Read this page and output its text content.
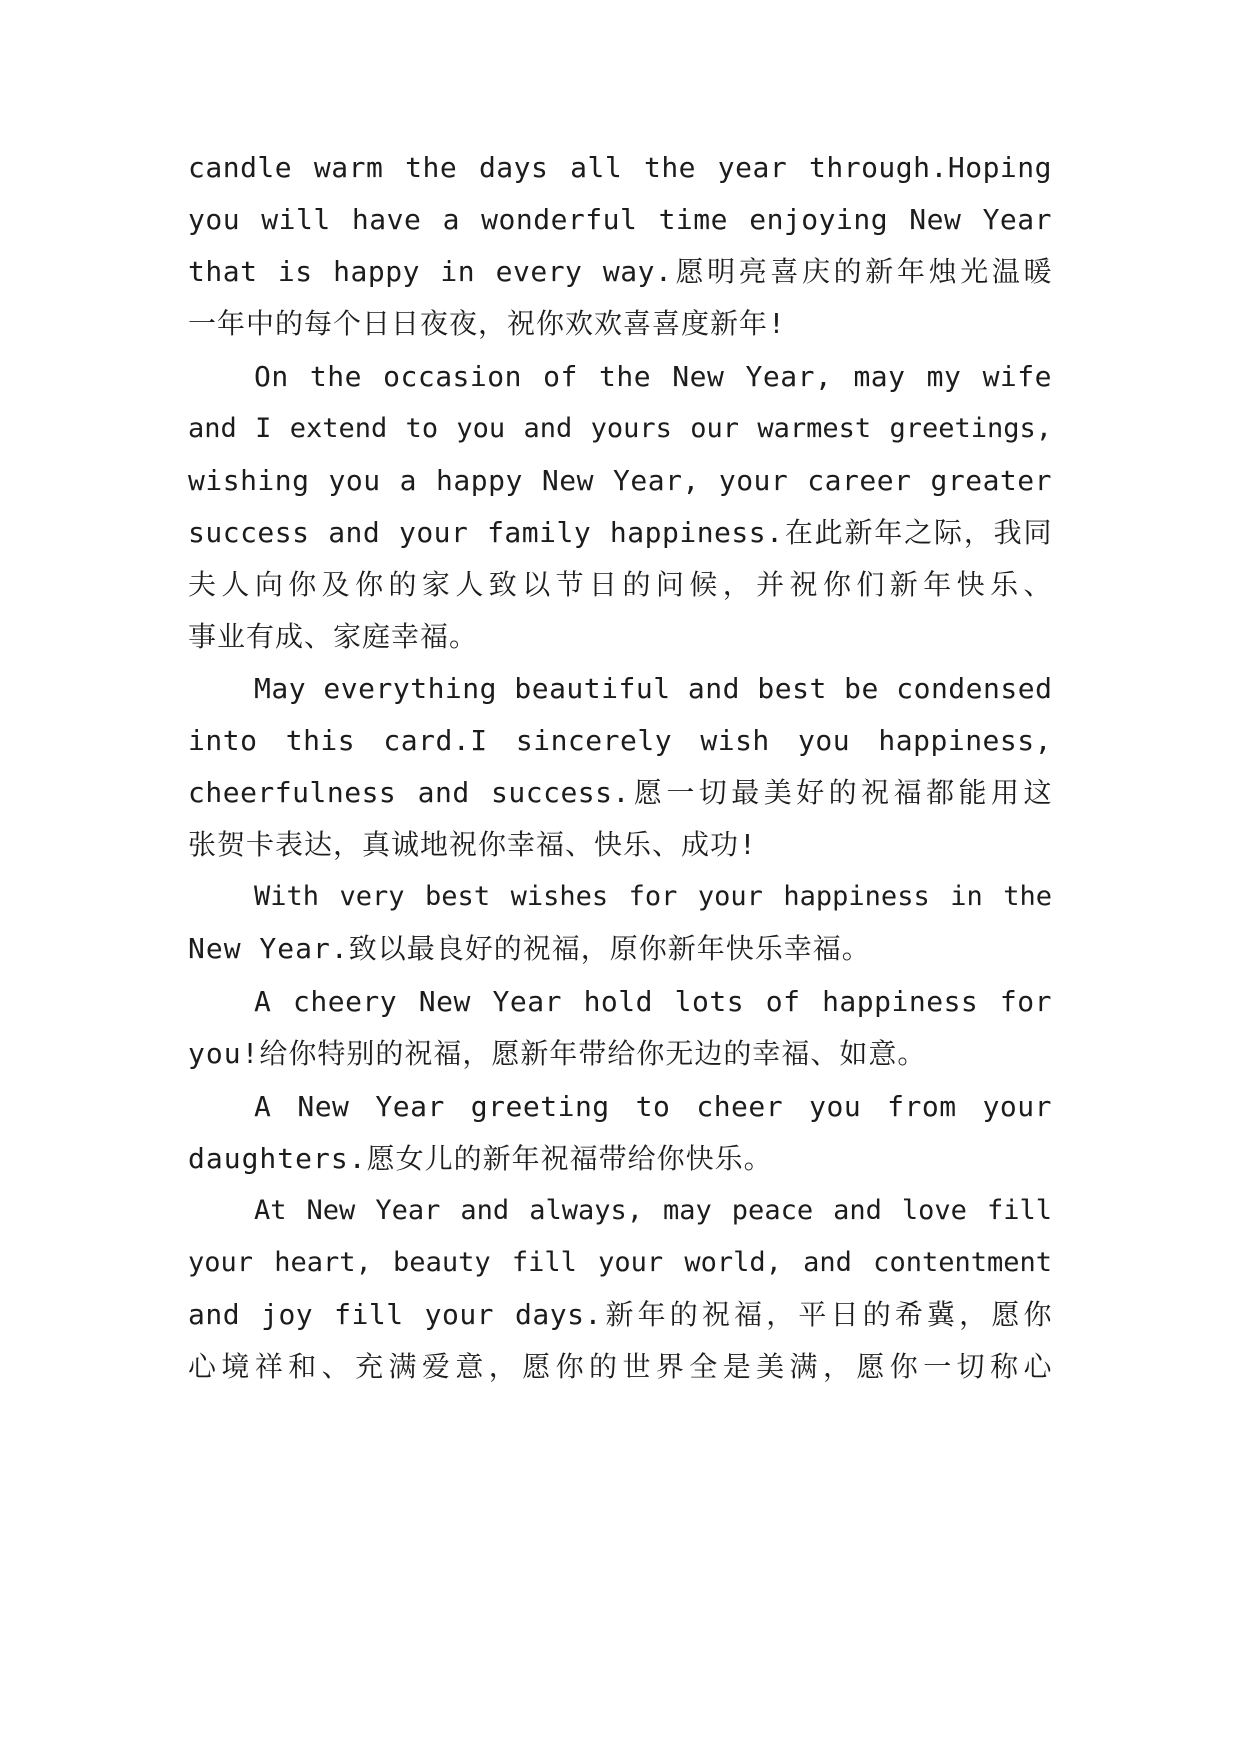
candle warm the days all the year through.Hoping
you will have a wonderful time enjoying New Year
that is happy in every way.愿明亮喜庆的新年烛光温暖
一年中的每个日日夜夜，祝你欢欢喜喜度新年!
On the occasion of the New Year, may my wife
and I extend to you and yours our warmest greetings,
wishing you a happy New Year, your career greater
success and your family happiness.在此新年之际，我同
夫人向你及你的家人致以节日的问候，并祝你们新年快乐、
事业有成、家庭幸福。
May everything beautiful and best be condensed
into this card.I sincerely wish you happiness,
cheerfulness and success.愿一切最美好的祝福都能用这
张贺卡表达，真诚地祝你幸福、快乐、成功!
With very best wishes for your happiness in the
New Year.致以最良好的祝福，原你新年快乐幸福。
A cheery New Year hold lots of happiness for
you!给你特别的祝福，愿新年带给你无边的幸福、如意。
A New Year greeting to cheer you from your
daughters.愿女儿的新年祝福带给你快乐。
At New Year and always, may peace and love fill
your heart, beauty fill your world, and contentment
and joy fill your days.新年的祝福，平日的希冀，愿你
心境祥和、充满爱意，愿你的世界全是美满，愿你一切称心
